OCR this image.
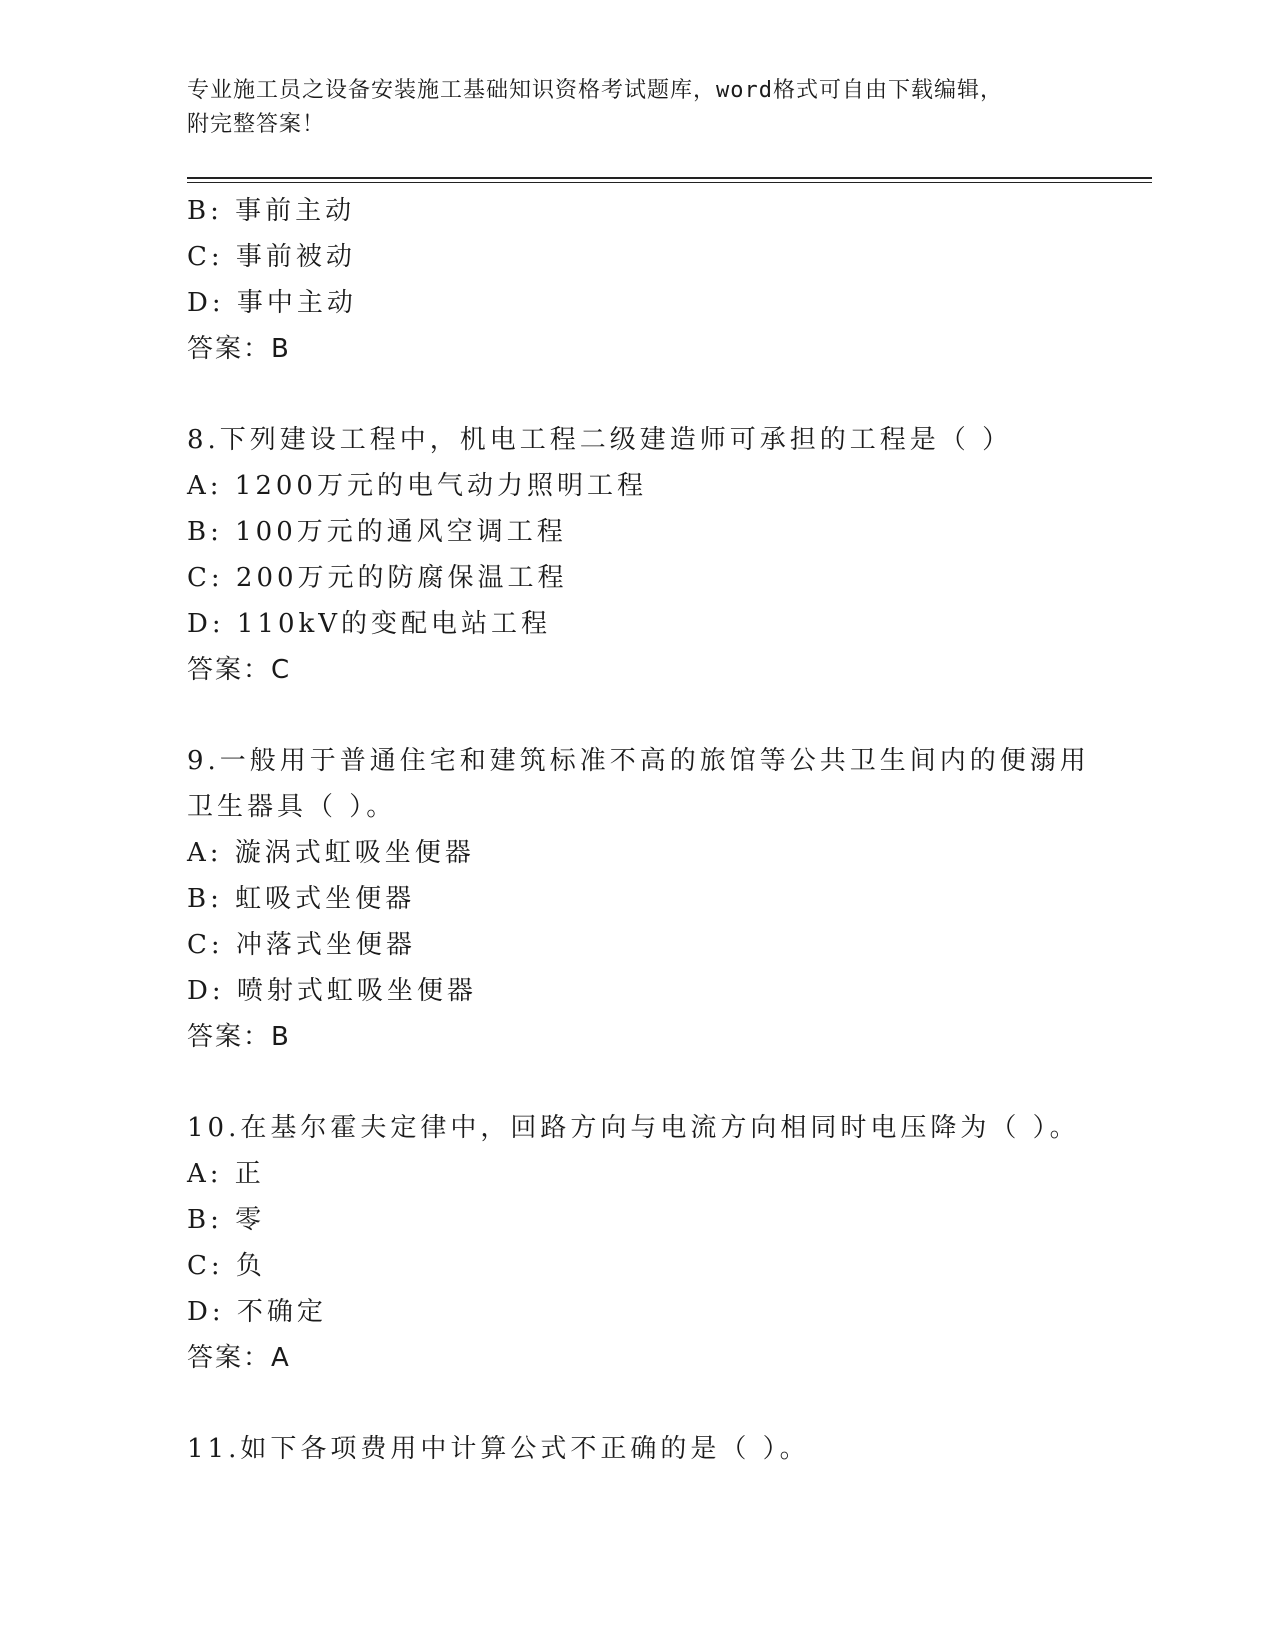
专业施工员之设备安装施工基础知识资格考试题库，word格式可自由下载编辑，
附完整答案！
B: 事前主动
C: 事前被动
D: 事中主动
答案：B
8.下列建设工程中，机电工程二级建造师可承担的工程是（ ）
A: 1200万元的电气动力照明工程
B: 100万元的通风空调工程
C: 200万元的防腐保温工程
D: 110kV的变配电站工程
答案：C
9.一般用于普通住宅和建筑标准不高的旅馆等公共卫生间内的便溺用
卫生器具（ ）。
A: 漩涡式虹吸坐便器
B: 虹吸式坐便器
C: 冲落式坐便器
D: 喷射式虹吸坐便器
答案：B
10.在基尔霍夫定律中，回路方向与电流方向相同时电压降为（ ）。
A: 正
B: 零
C: 负
D: 不确定
答案：A
11.如下各项费用中计算公式不正确的是（ ）。
